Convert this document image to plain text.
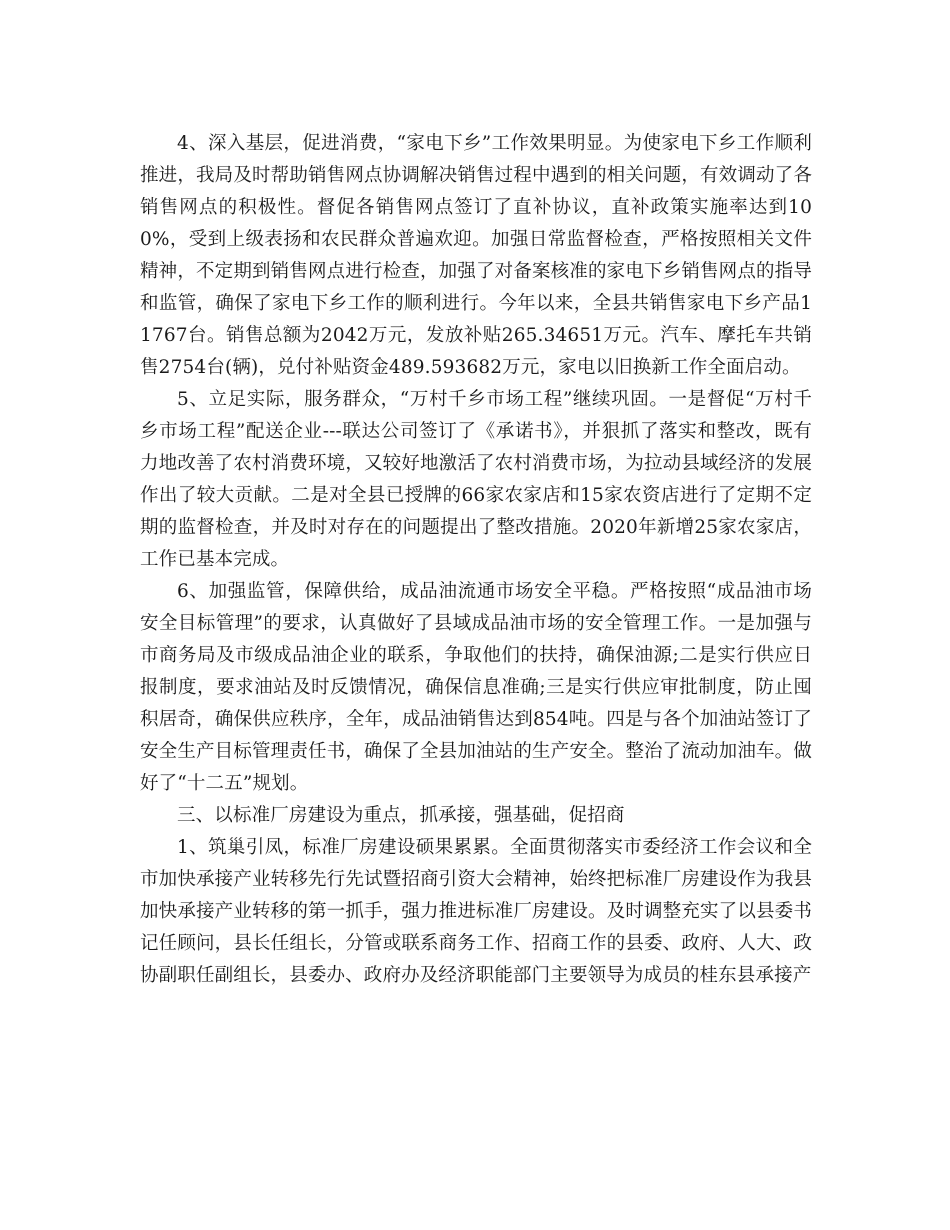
4、深入基层，促进消费，“家电下乡”工作效果明显。为使家电下乡工作顺利推进，我局及时帮助销售网点协调解决销售过程中遇到的相关问题，有效调动了各销售网点的积极性。督促各销售网点签订了直补协议，直补政策实施率达到100%，受到上级表扬和农民群众普遍欢迎。加强日常监督检查，严格按照相关文件精神，不定期到销售网点进行检查，加强了对备案核准的家电下乡销售网点的指导和监管，确保了家电下乡工作的顺利进行。今年以来，全县共销售家电下乡产品11767台。销售总额为2042万元，发放补贴265.34651万元。汽车、摩托车共销售2754台(辆)，兑付补贴资金489.593682万元，家电以旧换新工作全面启动。

5、立足实际，服务群众，“万村千乡市场工程”继续巩固。一是督促“万村千乡市场工程”配送企业---联达公司签订了《承诺书》，并狠抓了落实和整改，既有力地改善了农村消费环境，又较好地激活了农村消费市场，为拉动县域经济的发展作出了较大贡献。二是对全县已授牌的66家农家店和15家农资店进行了定期不定期的监督检查，并及时对存在的问题提出了整改措施。2020年新增25家农家店，工作已基本完成。

6、加强监管，保障供给，成品油流通市场安全平稳。严格按照“成品油市场安全目标管理”的要求，认真做好了县域成品油市场的安全管理工作。一是加强与市商务局及市级成品油企业的联系，争取他们的扶持，确保油源;二是实行供应日报制度，要求油站及时反馈情况，确保信息准确;三是实行供应审批制度，防止囤积居奇，确保供应秩序，全年，成品油销售达到854吨。四是与各个加油站签订了安全生产目标管理责任书，确保了全县加油站的生产安全。整治了流动加油车。做好了“十二五”规划。

三、以标准厂房建设为重点，抓承接，强基础，促招商

1、筑巢引凤，标准厂房建设硕果累累。全面贯彻落实市委经济工作会议和全市加快承接产业转移先行先试暨招商引资大会精神，始终把标准厂房建设作为我县加快承接产业转移的第一抓手，强力推进标准厂房建设。及时调整充实了以县委书记任顾问，县长任组长，分管或联系商务工作、招商工作的县委、政府、人大、政协副职任副组长，县委办、政府办及经济职能部门主要领导为成员的桂东县承接产
